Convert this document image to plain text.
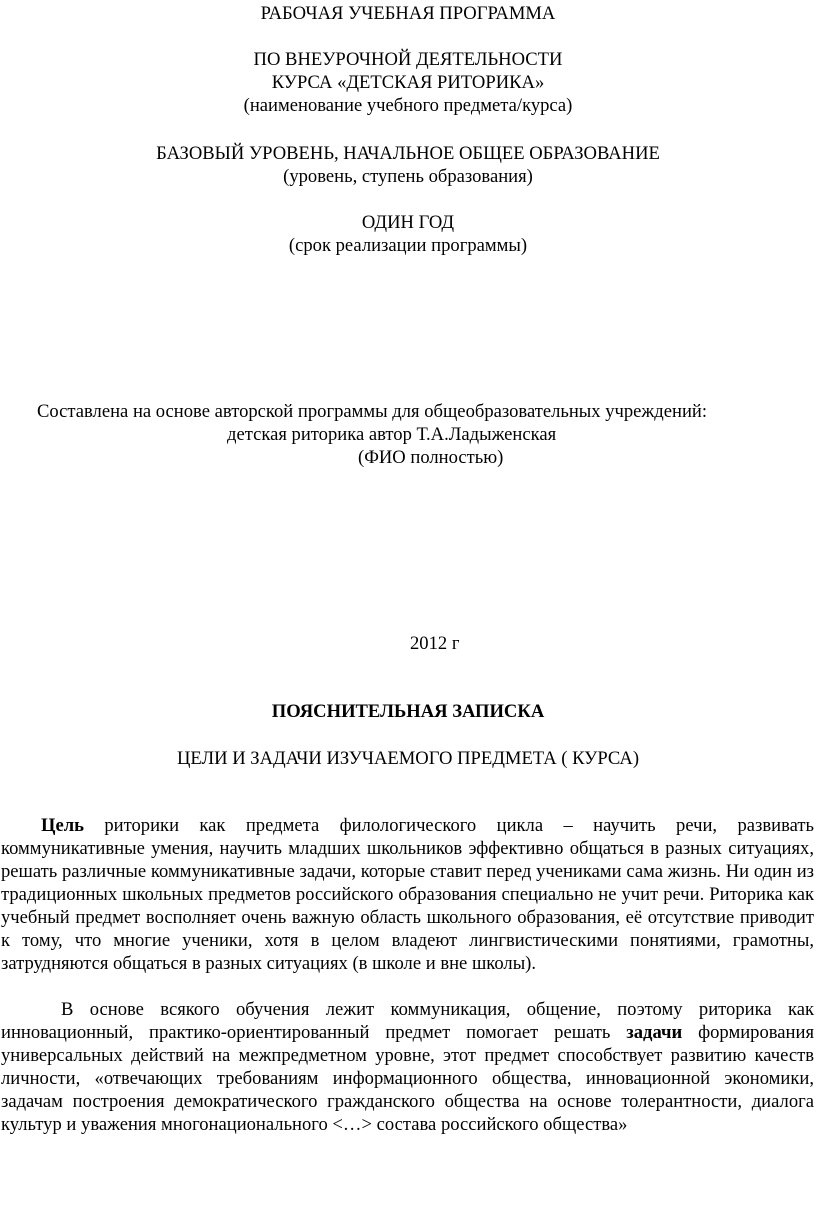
РАБОЧАЯ УЧЕБНАЯ ПРОГРАММА
ПО ВНЕУРОЧНОЙ ДЕЯТЕЛЬНОСТИ
КУРСА «ДЕТСКАЯ РИТОРИКА»
(наименование учебного предмета/курса)
БАЗОВЫЙ УРОВЕНЬ, НАЧАЛЬНОЕ ОБЩЕЕ ОБРАЗОВАНИЕ
(уровень, ступень образования)
ОДИН ГОД
(срок реализации программы)
Составлена на основе авторской программы для общеобразовательных учреждений:
детская риторика автор Т.А.Ладыженская
(ФИО полностью)
2012 г
ПОЯСНИТЕЛЬНАЯ ЗАПИСКА
ЦЕЛИ И ЗАДАЧИ ИЗУЧАЕМОГО ПРЕДМЕТА ( КУРСА)

Цель риторики как предмета филологического цикла – научить речи, развивать коммуникативные умения, научить младших школьников эффективно общаться в разных ситуациях, решать различные коммуникативные задачи, которые ставит перед учениками сама жизнь. Ни один из традиционных школьных предметов российского образования специально не учит речи. Риторика как учебный предмет восполняет очень важную область школьного образования, её отсутствие приводит к тому, что многие ученики, хотя в целом владеют лингвистическими понятиями, грамотны, затрудняются общаться в разных ситуациях (в школе и вне школы).

В основе всякого обучения лежит коммуникация, общение, поэтому риторика как инновационный, практико-ориентированный предмет помогает решать задачи формирования универсальных действий на межпредметном уровне, этот предмет способствует развитию качеств личности, «отвечающих требованиям информационного общества, инновационной экономики, задачам построения демократического гражданского общества на основе толерантности, диалога культур и уважения многонационального <…> состава российского общества»
